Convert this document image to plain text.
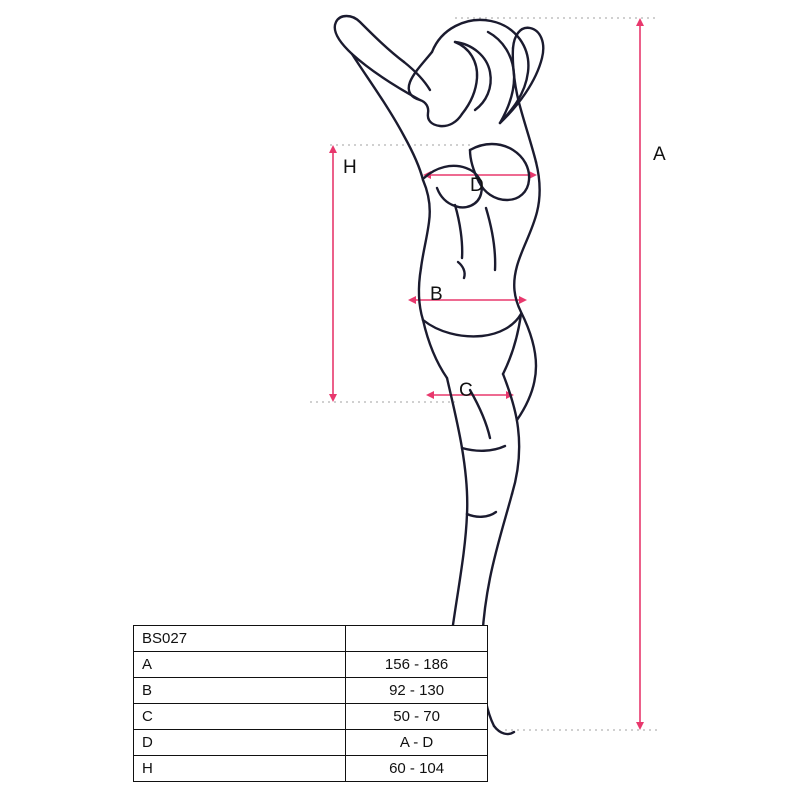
A
B
C
D
H
BS027	
A	156 - 186
B	92 - 130
C	50 - 70
D	A - D
H	60 - 104
